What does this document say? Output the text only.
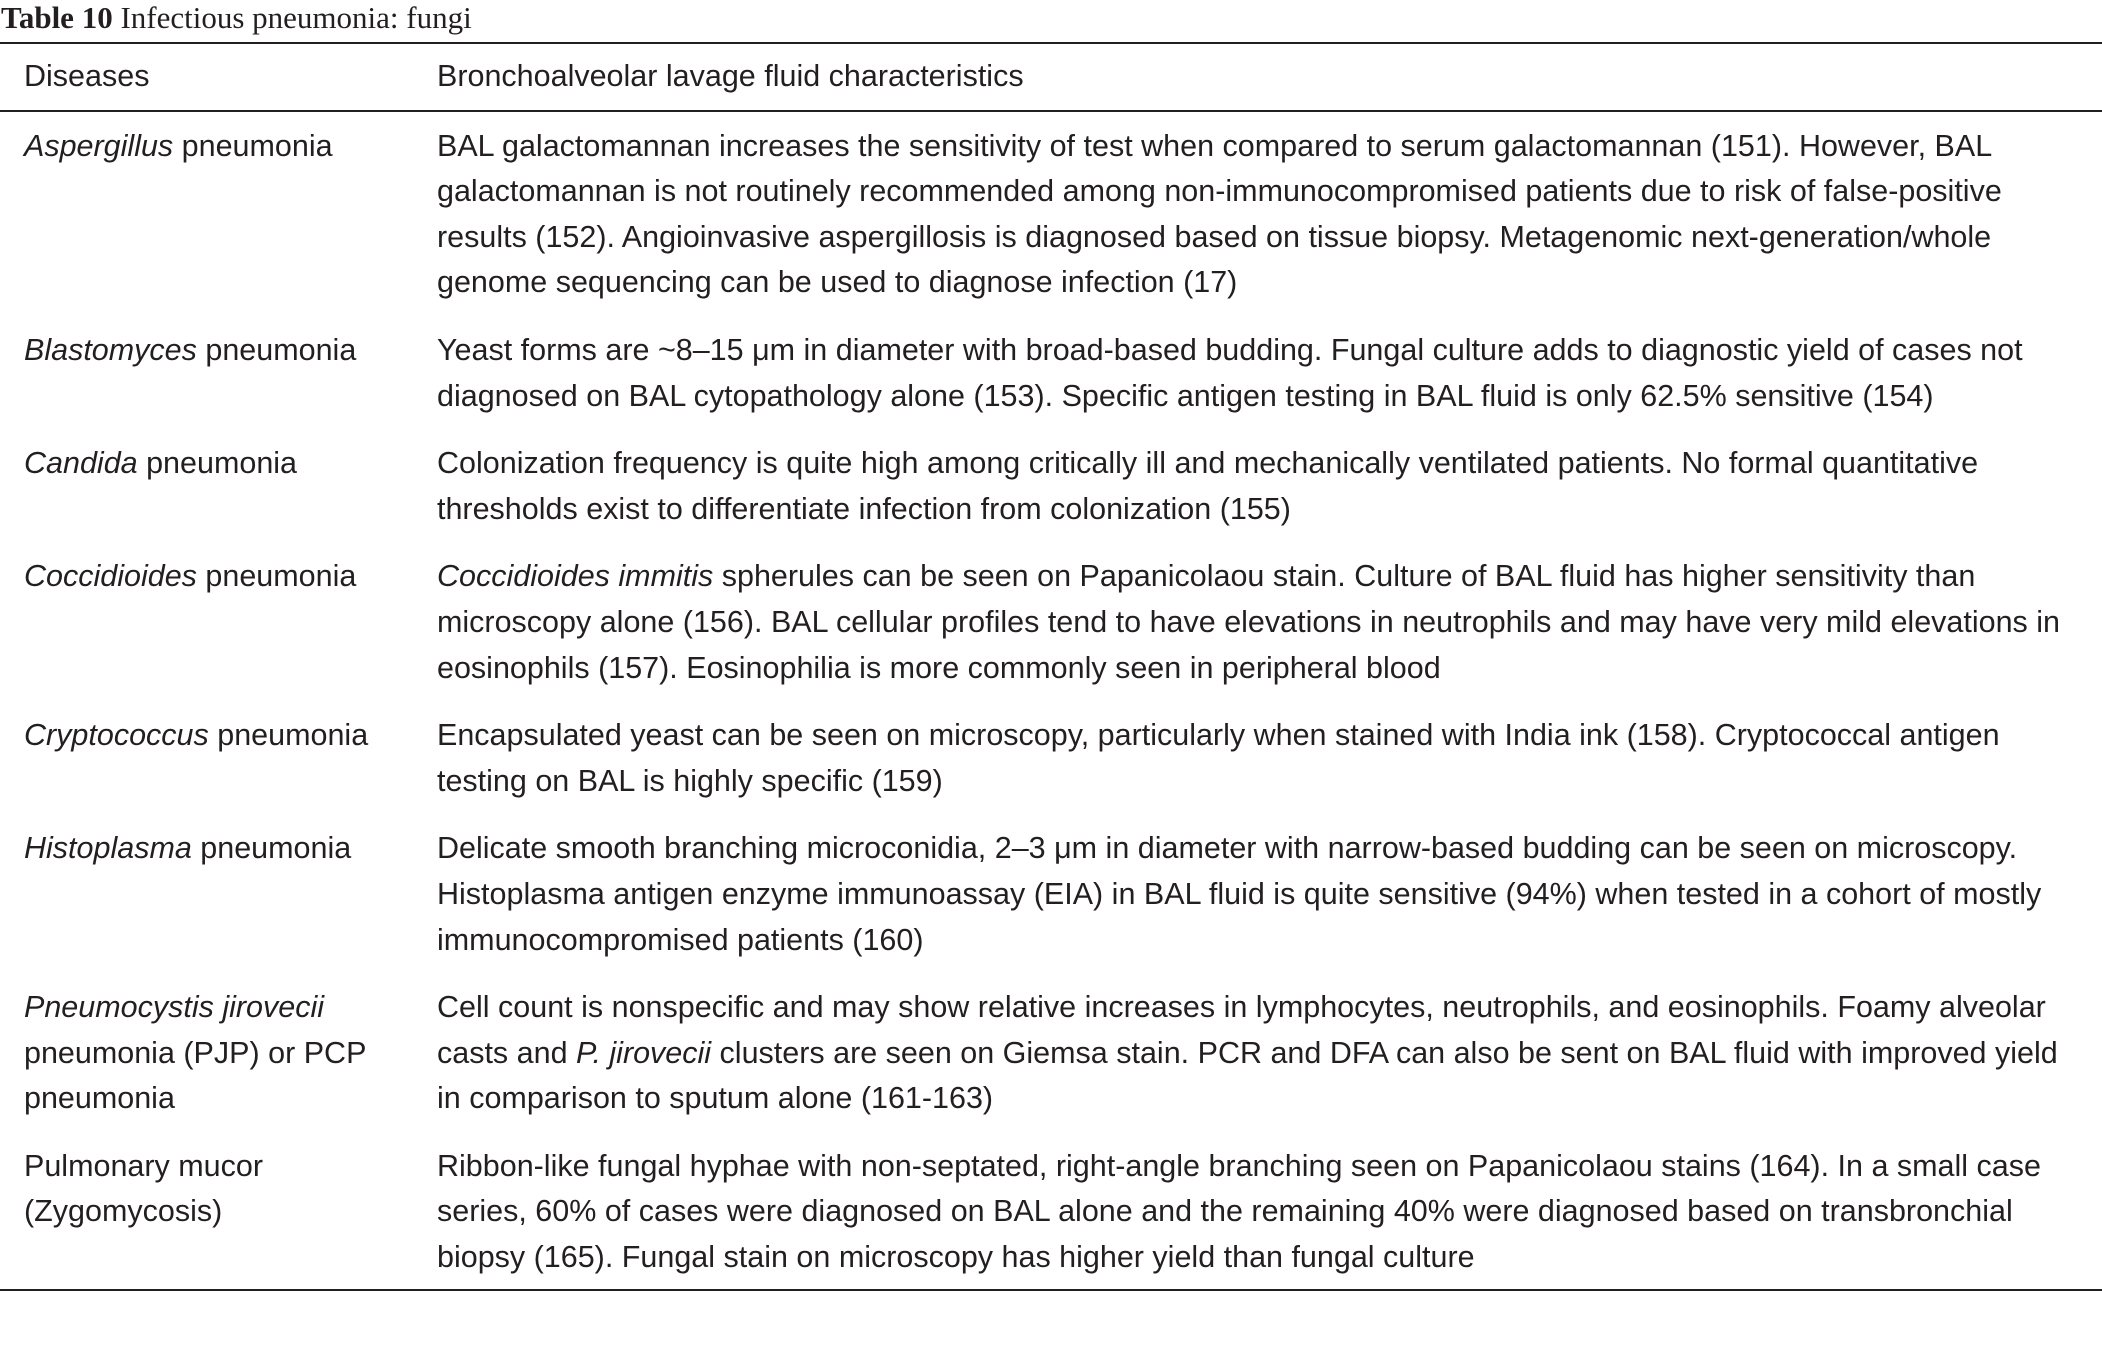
Table 10 Infectious pneumonia: fungi
Diseases	Bronchoalveolar lavage fluid characteristics
Aspergillus pneumonia	BAL galactomannan increases the sensitivity of test when compared to serum galactomannan (151). However, BAL galactomannan is not routinely recommended among non-immunocompromised patients due to risk of false-positive results (152). Angioinvasive aspergillosis is diagnosed based on tissue biopsy. Metagenomic next-generation/whole genome sequencing can be used to diagnose infection (17)
Blastomyces pneumonia	Yeast forms are ~8–15 μm in diameter with broad-based budding. Fungal culture adds to diagnostic yield of cases not diagnosed on BAL cytopathology alone (153). Specific antigen testing in BAL fluid is only 62.5% sensitive (154)
Candida pneumonia	Colonization frequency is quite high among critically ill and mechanically ventilated patients. No formal quantitative thresholds exist to differentiate infection from colonization (155)
Coccidioides pneumonia	Coccidioides immitis spherules can be seen on Papanicolaou stain. Culture of BAL fluid has higher sensitivity than microscopy alone (156). BAL cellular profiles tend to have elevations in neutrophils and may have very mild elevations in eosinophils (157). Eosinophilia is more commonly seen in peripheral blood
Cryptococcus pneumonia	Encapsulated yeast can be seen on microscopy, particularly when stained with India ink (158). Cryptococcal antigen testing on BAL is highly specific (159)
Histoplasma pneumonia	Delicate smooth branching microconidia, 2–3 μm in diameter with narrow-based budding can be seen on microscopy. Histoplasma antigen enzyme immunoassay (EIA) in BAL fluid is quite sensitive (94%) when tested in a cohort of mostly immunocompromised patients (160)
Pneumocystis jirovecii pneumonia (PJP) or PCP pneumonia	Cell count is nonspecific and may show relative increases in lymphocytes, neutrophils, and eosinophils. Foamy alveolar casts and P. jirovecii clusters are seen on Giemsa stain. PCR and DFA can also be sent on BAL fluid with improved yield in comparison to sputum alone (161-163)
Pulmonary mucor (Zygomycosis)	Ribbon-like fungal hyphae with non-septated, right-angle branching seen on Papanicolaou stains (164). In a small case series, 60% of cases were diagnosed on BAL alone and the remaining 40% were diagnosed based on transbronchial biopsy (165). Fungal stain on microscopy has higher yield than fungal culture
